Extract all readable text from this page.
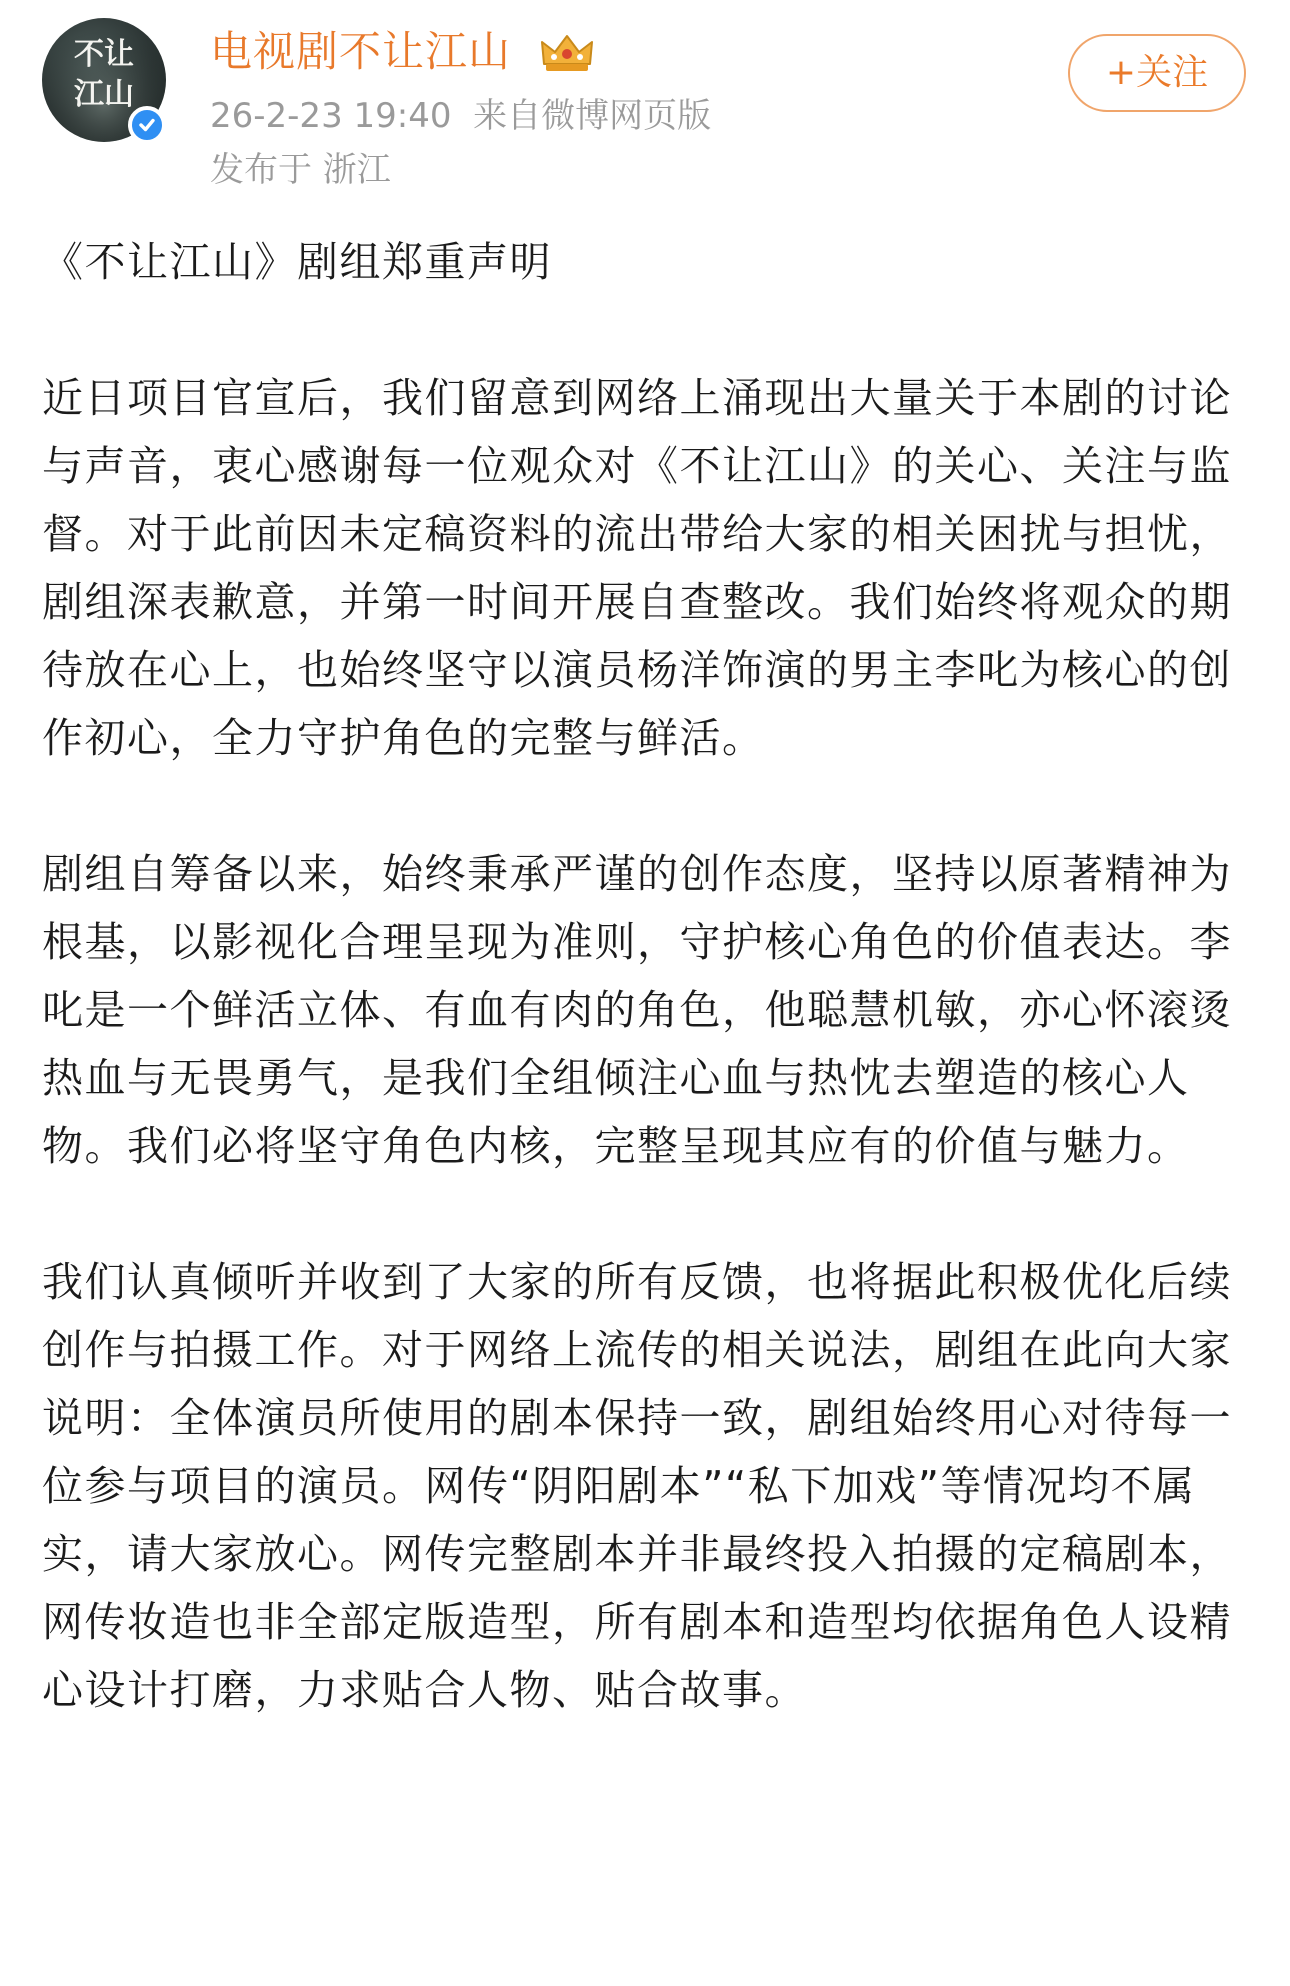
不让
江山
电视剧不让江山
26-2-23 19:40 来自微博网页版
发布于 浙江
+关注

《不让江山》剧组郑重声明

近日项目官宣后，我们留意到网络上涌现出大量关于本剧的讨论与声音，衷心感谢每一位观众对《不让江山》的关心、关注与监督。对于此前因未定稿资料的流出带给大家的相关困扰与担忧，剧组深表歉意，并第一时间开展自查整改。我们始终将观众的期待放在心上，也始终坚守以演员杨洋饰演的男主李叱为核心的创作初心，全力守护角色的完整与鲜活。

剧组自筹备以来，始终秉承严谨的创作态度，坚持以原著精神为根基，以影视化合理呈现为准则，守护核心角色的价值表达。李叱是一个鲜活立体、有血有肉的角色，他聪慧机敏，亦心怀滚烫热血与无畏勇气，是我们全组倾注心血与热忱去塑造的核心人物。我们必将坚守角色内核，完整呈现其应有的价值与魅力。

我们认真倾听并收到了大家的所有反馈，也将据此积极优化后续创作与拍摄工作。对于网络上流传的相关说法，剧组在此向大家说明：全体演员所使用的剧本保持一致，剧组始终用心对待每一位参与项目的演员。网传“阴阳剧本”“私下加戏”等情况均不属实，请大家放心。网传完整剧本并非最终投入拍摄的定稿剧本，网传妆造也非全部定版造型，所有剧本和造型均依据角色人设精心设计打磨，力求贴合人物、贴合故事。
